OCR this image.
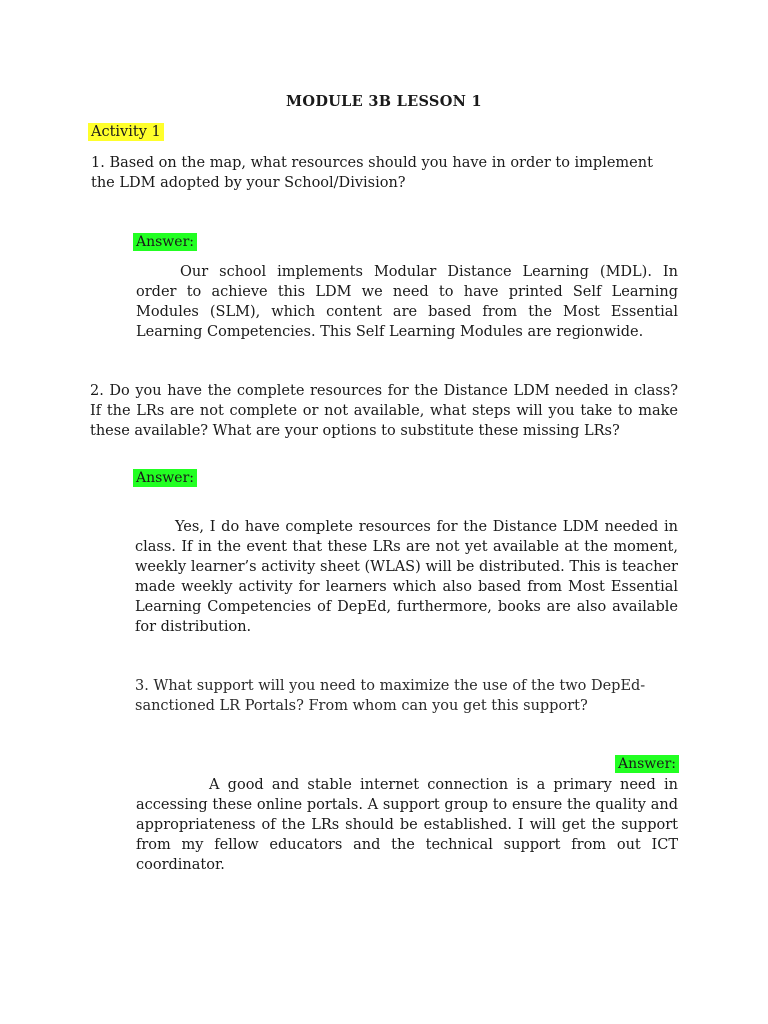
MODULE 3B LESSON 1
Activity 1
1. Based on the map, what resources should you have in order to implement the LDM adopted by your School/Division?
Answer:
Our school implements Modular Distance Learning (MDL). In order to achieve this LDM we need to have printed Self Learning Modules (SLM), which content are based from the Most Essential Learning Competencies. This Self Learning Modules are regionwide.
2. Do you have the complete resources for the Distance LDM needed in class? If the LRs are not complete or not available, what steps will you take to make these available? What are your options to substitute these missing LRs?
Answer:
Yes, I do have complete resources for the Distance LDM needed in class. If in the event that these LRs are not yet available at the moment, weekly learner’s activity sheet (WLAS) will be distributed. This is teacher made weekly activity for learners which also based from Most Essential Learning Competencies of DepEd, furthermore, books are also available for distribution.
3. What support will you need to maximize the use of the two DepEd-sanctioned LR Portals? From whom can you get this support?
Answer:
A good and stable internet connection is a primary need in accessing these online portals. A support group to ensure the quality and appropriateness of the LRs should be established. I will get the support from my fellow educators and the technical support from out ICT coordinator.
